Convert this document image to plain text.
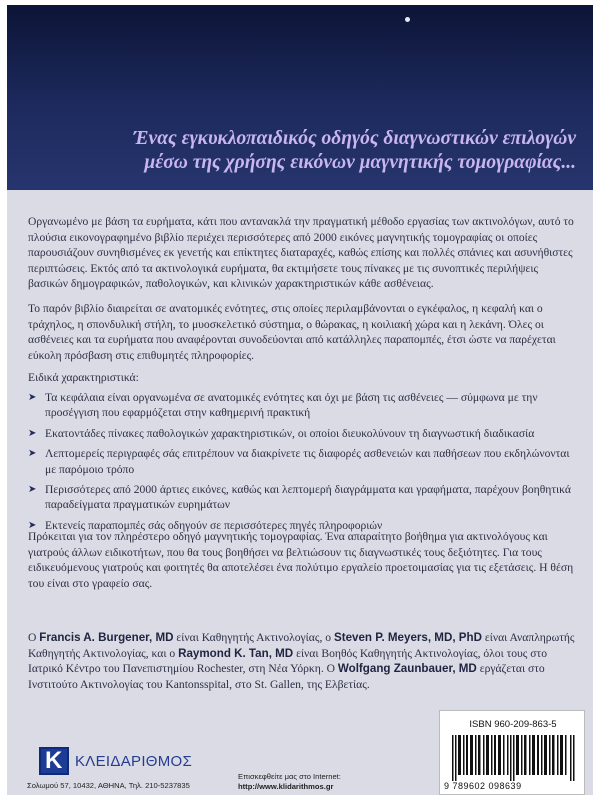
Ένας εγκυκλοπαιδικός οδηγός διαγνωστικών επιλογών
μέσω της χρήσης εικόνων μαγνητικής τομογραφίας...
Οργανωμένο με βάση τα ευρήματα, κάτι που αντανακλά την πραγματική μέθοδο εργασίας των ακτινολόγων, αυτό το πλούσια εικονογραφημένο βιβλίο περιέχει περισσότερες από 2000 εικόνες μαγνητικής τομογραφίας οι οποίες παρουσιάζουν συνηθισμένες εκ γενετής και επίκτητες διαταραχές, καθώς επίσης και πολλές σπάνιες και ασυνήθιστες περιπτώσεις. Εκτός από τα ακτινολογικά ευρήματα, θα εκτιμήσετε τους πίνακες με τις συνοπτικές περιλήψεις βασικών δημογραφικών, παθολογικών, και κλινικών χαρακτηριστικών κάθε ασθένειας.
Το παρόν βιβλίο διαιρείται σε ανατομικές ενότητες, στις οποίες περιλαμβάνονται ο εγκέφαλος, η κεφαλή και ο τράχηλος, η σπονδυλική στήλη, το μυοσκελετικό σύστημα, ο θώρακας, η κοιλιακή χώρα και η λεκάνη. Όλες οι ασθένειες και τα ευρήματα που αναφέρονται συνοδεύονται από κατάλληλες παραπομπές, έτσι ώστε να παρέχεται εύκολη πρόσβαση στις επιθυμητές πληροφορίες.
Ειδικά χαρακτηριστικά:
➤ Τα κεφάλαια είναι οργανωμένα σε ανατομικές ενότητες και όχι με βάση τις ασθένειες — σύμφωνα με την προσέγγιση που εφαρμόζεται στην καθημερινή πρακτική
➤ Εκατοντάδες πίνακες παθολογικών χαρακτηριστικών, οι οποίοι διευκολύνουν τη διαγνωστική διαδικασία
➤ Λεπτομερείς περιγραφές σάς επιτρέπουν να διακρίνετε τις διαφορές ασθενειών και παθήσεων που εκδηλώνονται με παρόμοιο τρόπο
➤ Περισσότερες από 2000 άρτιες εικόνες, καθώς και λεπτομερή διαγράμματα και γραφήματα, παρέχουν βοηθητικά παραδείγματα πραγματικών ευρημάτων
➤ Εκτενείς παραπομπές σάς οδηγούν σε περισσότερες πηγές πληροφοριών
Πρόκειται για τον πληρέστερο οδηγό μαγνητικής τομογραφίας. Ένα απαραίτητο βοήθημα για ακτινολόγους και γιατρούς άλλων ειδικοτήτων, που θα τους βοηθήσει να βελτιώσουν τις διαγνωστικές τους δεξιότητες. Για τους ειδικευόμενους γιατρούς και φοιτητές θα αποτελέσει ένα πολύτιμο εργαλείο προετοιμασίας για τις εξετάσεις. Η θέση του είναι στο γραφείο σας.
Ο Francis A. Burgener, MD είναι Καθηγητής Ακτινολογίας, ο Steven P. Meyers, MD, PhD είναι Αναπληρωτής Καθηγητής Ακτινολογίας, και ο Raymond K. Tan, MD είναι Βοηθός Καθηγητής Ακτινολογίας, όλοι τους στο Ιατρικό Κέντρο του Πανεπιστημίου Rochester, στη Νέα Υόρκη. Ο Wolfgang Zaunbauer, MD εργάζεται στο Ινστιτούτο Ακτινολογίας του Kantonsspital, στο St. Gallen, της Ελβετίας.
K ΚΛΕΙΔΑΡΙΘΜΟΣ
Σολωμού 57, 10432, ΑΘΗΝΑ, Τηλ. 210-5237835
Επισκεφθείτε μας στο Internet:
http://www.klidarithmos.gr
ISBN 960-209-863-5
9 789602 098639
